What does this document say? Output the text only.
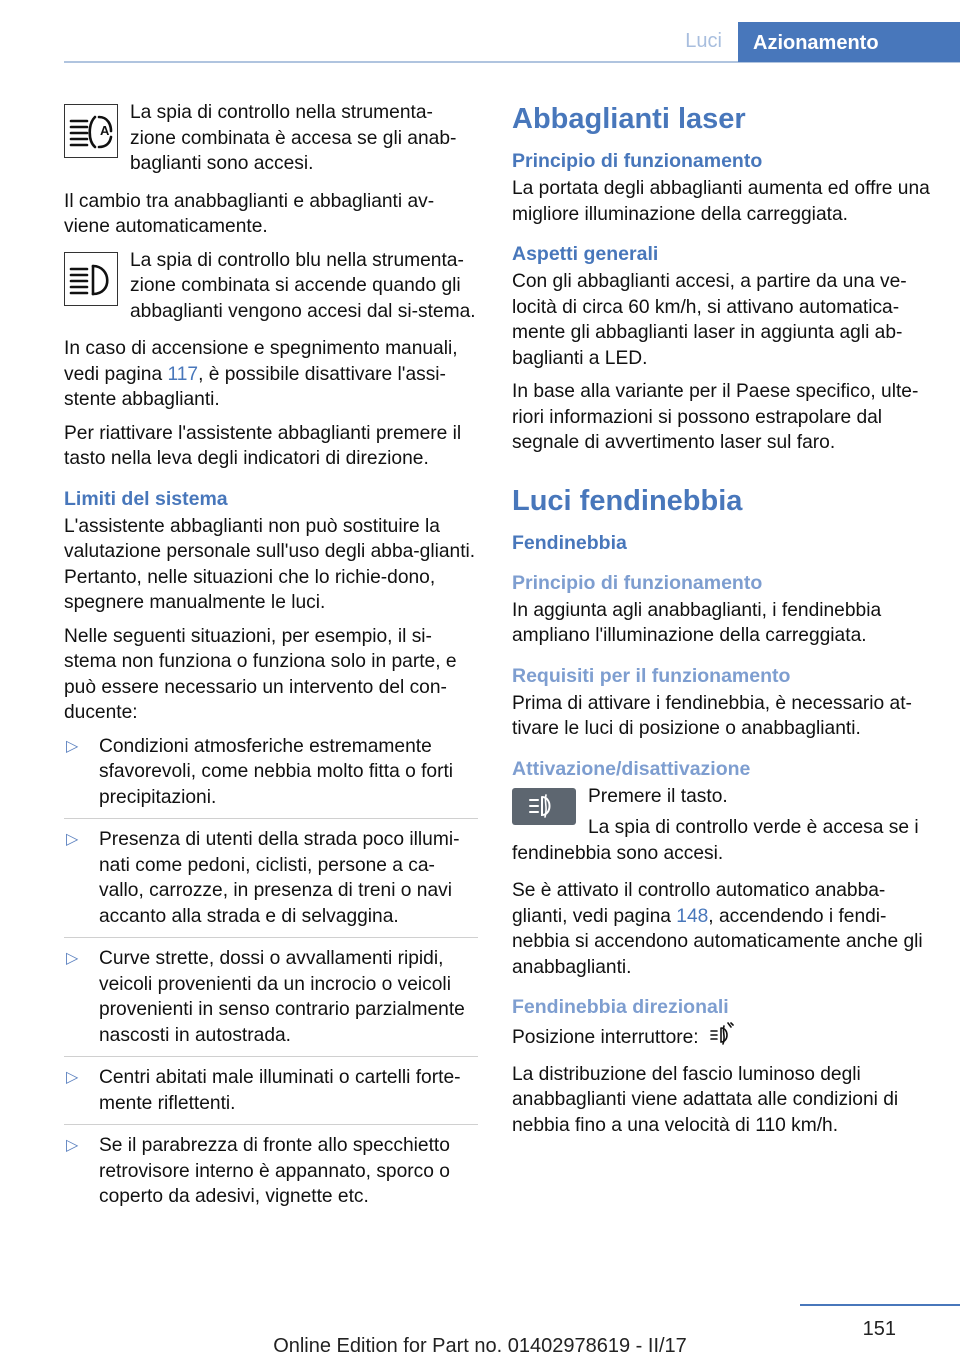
Luci	Azionamento
A
La spia di controllo nella strumenta-zione combinata è accesa se gli anab-baglianti sono accesi.

Il cambio tra anabbaglianti e abbaglianti av-viene automaticamente.

La spia di controllo blu nella strumenta-zione combinata si accende quando gli abbaglianti vengono accesi dal si-stema.

In caso di accensione e spegnimento manuali, vedi pagina 117, è possibile disattivare l'assi-stente abbaglianti.

Per riattivare l'assistente abbaglianti premere il tasto nella leva degli indicatori di direzione.

Limiti del sistema

L'assistente abbaglianti non può sostituire la valutazione personale sull'uso degli abba-glianti. Pertanto, nelle situazioni che lo richie-dono, spegnere manualmente le luci.

Nelle seguenti situazioni, per esempio, il si-stema non funziona o funziona solo in parte, e può essere necessario un intervento del con-ducente:

▷ Condizioni atmosferiche estremamente sfavorevoli, come nebbia molto fitta o forti precipitazioni.
▷ Presenza di utenti della strada poco illumi-nati come pedoni, ciclisti, persone a ca-vallo, carrozze, in presenza di treni o navi accanto alla strada e di selvaggina.
▷ Curve strette, dossi o avvallamenti ripidi, veicoli provenienti da un incrocio o veicoli provenienti in senso contrario parzialmente nascosti in autostrada.
▷ Centri abitati male illuminati o cartelli forte-mente riflettenti.
▷ Se il parabrezza di fronte allo specchietto retrovisore interno è appannato, sporco o coperto da adesivi, vignette etc.
Abbaglianti laser
Principio di funzionamento

La portata degli abbaglianti aumenta ed offre una migliore illuminazione della carreggiata.

Aspetti generali

Con gli abbaglianti accesi, a partire da una ve-locità di circa 60 km/h, si attivano automatica-mente gli abbaglianti laser in aggiunta agli ab-baglianti a LED.

In base alla variante per il Paese specifico, ulte-riori informazioni si possono estrapolare dal segnale di avvertimento laser sul faro.

Luci fendinebbia
Fendinebbia
Principio di funzionamento

In aggiunta agli anabbaglianti, i fendinebbia ampliano l'illuminazione della carreggiata.

Requisiti per il funzionamento

Prima di attivare i fendinebbia, è necessario at-tivare le luci di posizione o anabbaglianti.

Attivazione/disattivazione
Premere il tasto.
La spia di controllo verde è accesa se i fendinebbia sono accesi.

Se è attivato il controllo automatico anabba-glianti, vedi pagina 148, accendendo i fendi-nebbia si accendono automaticamente anche gli anabbaglianti.

Fendinebbia direzionali

Posizione interruttore:

La distribuzione del fascio luminoso degli anabbaglianti viene adattata alle condizioni di nebbia fino a una velocità di 110 km/h.

151
Online Edition for Part no. 01402978619 - II/17
